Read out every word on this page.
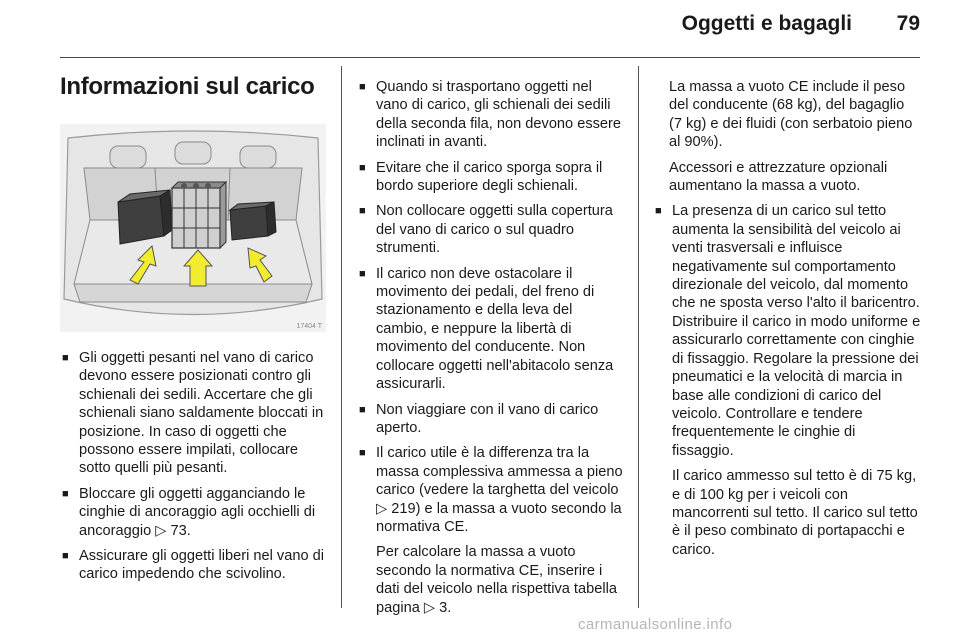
Oggetti e bagagli 79
Informazioni sul carico
17404 T
■ Gli oggetti pesanti nel vano di carico devono essere posizionati contro gli schienali dei sedili. Accertare che gli schienali siano saldamente bloccati in posizione. In caso di oggetti che possono essere impilati, collocare sotto quelli più pesanti.
■ Bloccare gli oggetti agganciando le cinghie di ancoraggio agli occhielli di ancoraggio ▷ 73.
■ Assicurare gli oggetti liberi nel vano di carico impedendo che scivolino.
■ Quando si trasportano oggetti nel vano di carico, gli schienali dei sedili della seconda fila, non devono essere inclinati in avanti.
■ Evitare che il carico sporga sopra il bordo superiore degli schienali.
■ Non collocare oggetti sulla copertura del vano di carico o sul quadro strumenti.
■ Il carico non deve ostacolare il movimento dei pedali, del freno di stazionamento e della leva del cambio, e neppure la libertà di movimento del conducente. Non collocare oggetti nell'abitacolo senza assicurarli.
■ Non viaggiare con il vano di carico aperto.
■ Il carico utile è la differenza tra la massa complessiva ammessa a pieno carico (vedere la targhetta del veicolo ▷ 219) e la massa a vuoto secondo la normativa CE.

Per calcolare la massa a vuoto secondo la normativa CE, inserire i dati del veicolo nella rispettiva tabella pagina ▷ 3.

La massa a vuoto CE include il peso del conducente (68 kg), del bagaglio (7 kg) e dei fluidi (con serbatoio pieno al 90%).

Accessori e attrezzature opzionali aumentano la massa a vuoto.

■ La presenza di un carico sul tetto aumenta la sensibilità del veicolo ai venti trasversali e influisce negativamente sul comportamento direzionale del veicolo, dal momento che ne sposta verso l'alto il baricentro. Distribuire il carico in modo uniforme e assicurarlo correttamente con cinghie di fissaggio. Regolare la pressione dei pneumatici e la velocità di marcia in base alle condizioni di carico del veicolo. Controllare e tendere frequentemente le cinghie di fissaggio.

Il carico ammesso sul tetto è di 75 kg, e di 100 kg per i veicoli con mancorrenti sul tetto. Il carico sul tetto è il peso combinato di portapacchi e carico.

carmanualsonline.info
